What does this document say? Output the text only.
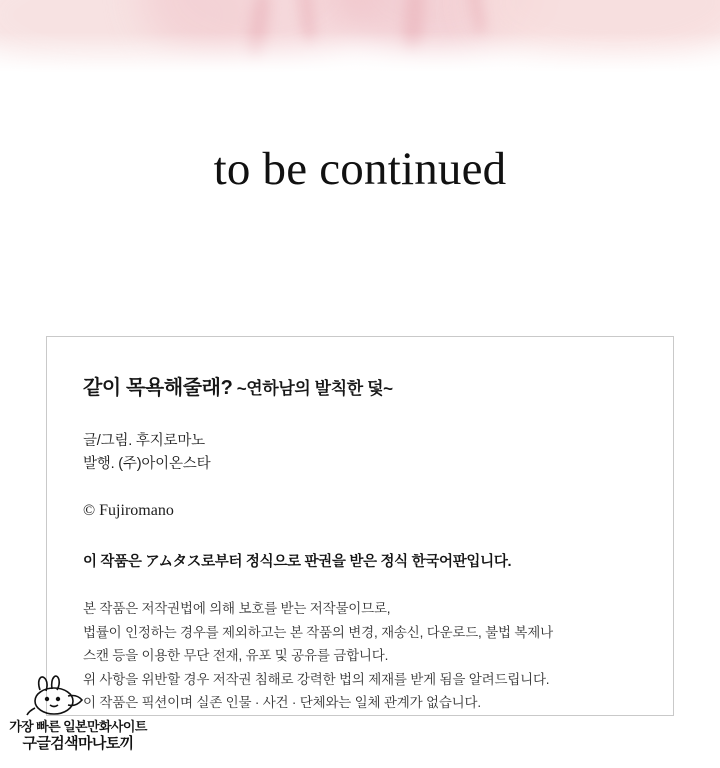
to be continued
같이 목욕해줄래? ~연하남의 발칙한 덫~

글/그림. 후지로마노

발행. (주)아이온스타

© Fujiromano

이 작품은 アムタス로부터 정식으로 판권을 받은 정식 한국어판입니다.

본 작품은 저작권법에 의해 보호를 받는 저작물이므로,

법률이 인정하는 경우를 제외하고는 본 작품의 변경, 재송신, 다운로드, 불법 복제나

스캔 등을 이용한 무단 전재, 유포 및 공유를 금합니다.

위 사항을 위반할 경우 저작권 침해로 강력한 법의 제재를 받게 됨을 알려드립니다.

이 작품은 픽션이며 실존 인물 · 사건 · 단체와는 일체 관계가 없습니다.

가장 빠른 일본만화사이트
구글검색마나토끼
